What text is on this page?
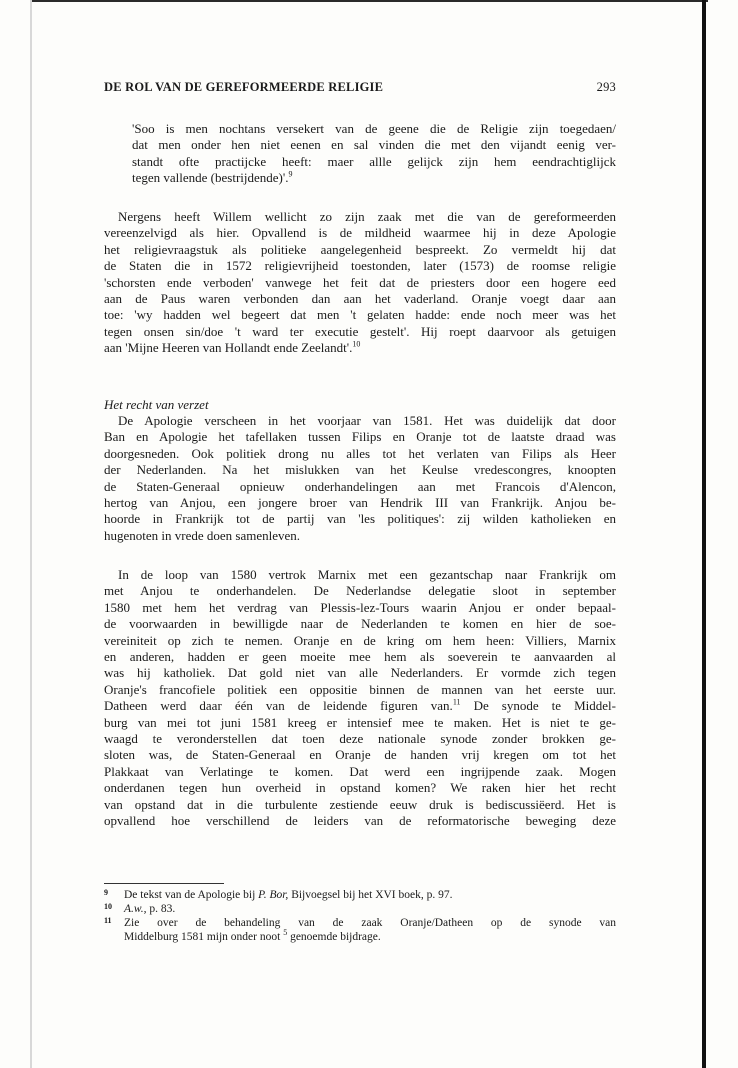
DE ROL VAN DE GEREFORMEERDE RELIGIE	293
'Soo is men nochtans versekert van de geene die de Religie zijn toegedaen/
dat men onder hen niet eenen en sal vinden die met den vijandt eenig ver-
standt ofte practijcke heeft: maer allle gelijck zijn hem eendrachtiglijck
tegen vallende (bestrijdende)'.$^9$
Nergens heeft Willem wellicht zo zijn zaak met die van de gereformeerden
vereenzelvigd als hier. Opvallend is de mildheid waarmee hij in deze Apologie
het religievraagstuk als politieke aangelegenheid bespreekt. Zo vermeldt hij dat
de Staten die in 1572 religievrijheid toestonden, later (1573) de roomse religie
'schorsten ende verboden' vanwege het feit dat de priesters door een hogere eed
aan de Paus waren verbonden dan aan het vaderland. Oranje voegt daar aan
toe: 'wy hadden wel begeert dat men 't gelaten hadde: ende noch meer was het
tegen onsen sin/doe 't ward ter executie gestelt'. Hij roept daarvoor als getuigen
aan 'Mijne Heeren van Hollandt ende Zeelandt'.$^{10}$
Het recht van verzet
De Apologie verscheen in het voorjaar van 1581. Het was duidelijk dat door
Ban en Apologie het tafellaken tussen Filips en Oranje tot de laatste draad was
doorgesneden. Ook politiek drong nu alles tot het verlaten van Filips als Heer
der Nederlanden. Na het mislukken van het Keulse vredescongres, knoopten
de Staten-Generaal opnieuw onderhandelingen aan met Francois d'Alencon,
hertog van Anjou, een jongere broer van Hendrik III van Frankrijk. Anjou be-
hoorde in Frankrijk tot de partij van 'les politiques': zij wilden katholieken en
hugenoten in vrede doen samenleven.
In de loop van 1580 vertrok Marnix met een gezantschap naar Frankrijk om
met Anjou te onderhandelen. De Nederlandse delegatie sloot in september
1580 met hem het verdrag van Plessis-lez-Tours waarin Anjou er onder bepaal-
de voorwaarden in bewilligde naar de Nederlanden te komen en hier de soe-
vereiniteit op zich te nemen. Oranje en de kring om hem heen: Villiers, Marnix
en anderen, hadden er geen moeite mee hem als soeverein te aanvaarden al
was hij katholiek. Dat gold niet van alle Nederlanders. Er vormde zich tegen
Oranje's francofiele politiek een oppositie binnen de mannen van het eerste uur.
Datheen werd daar één van de leidende figuren van.$^{11}$ De synode te Middel-
burg van mei tot juni 1581 kreeg er intensief mee te maken. Het is niet te ge-
waagd te veronderstellen dat toen deze nationale synode zonder brokken ge-
sloten was, de Staten-Generaal en Oranje de handen vrij kregen om tot het
Plakkaat van Verlatinge te komen. Dat werd een ingrijpende zaak. Mogen
onderdanen tegen hun overheid in opstand komen? We raken hier het recht
van opstand dat in die turbulente zestiende eeuw druk is bediscussiëerd. Het is
opvallend hoe verschillend de leiders van de reformatorische beweging deze
9 De tekst van de Apologie bij P. Bor, Bijvoegsel bij het XVI boek, p. 97.
10 A.w., p. 83.
11 Zie over de behandeling van de zaak Oranje/Datheen op de synode van
Middelburg 1581 mijn onder noot $^5$ genoemde bijdrage.
